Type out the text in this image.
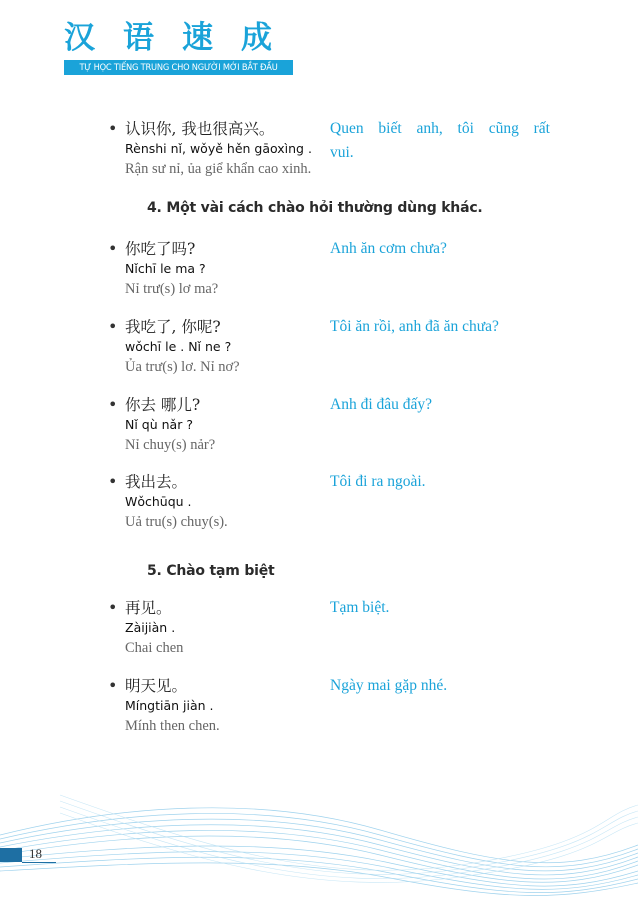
汉 语 速 成
TỰ HỌC TIẾNG TRUNG CHO NGƯỜI MỚI BẮT ĐẦU
• 认识你, 我也很高兴。
Rènshi nǐ, wǒyě hěn gāoxìng .
Rận sư nỉ, ủa giể khẩn cao xinh.
Quen biết anh, tôi cũng rất
vui.
4. Một vài cách chào hỏi thường dùng khác.
• 你吃了吗?
Nǐchī le ma ?
Nỉ trư(s) lơ ma?
Anh ăn cơm chưa?
• 我吃了, 你呢?
wǒchī le . Nǐ ne ?
Ủa trư(s) lơ. Nỉ nơ?
Tôi ăn rồi, anh đã ăn chưa?
• 你去 哪儿?
Nǐ qù nǎr ?
Nỉ chuy(s) nảr?
Anh đi đâu đấy?
• 我出去。
Wǒchūqu .
Uả tru(s) chuy(s).
Tôi đi ra ngoài.
5. Chào tạm biệt
• 再见。
Zàijiàn .
Chai chen
Tạm biệt.
• 明天见。
Míngtiān jiàn .
Mính then chen.
Ngày mai gặp nhé.
18
